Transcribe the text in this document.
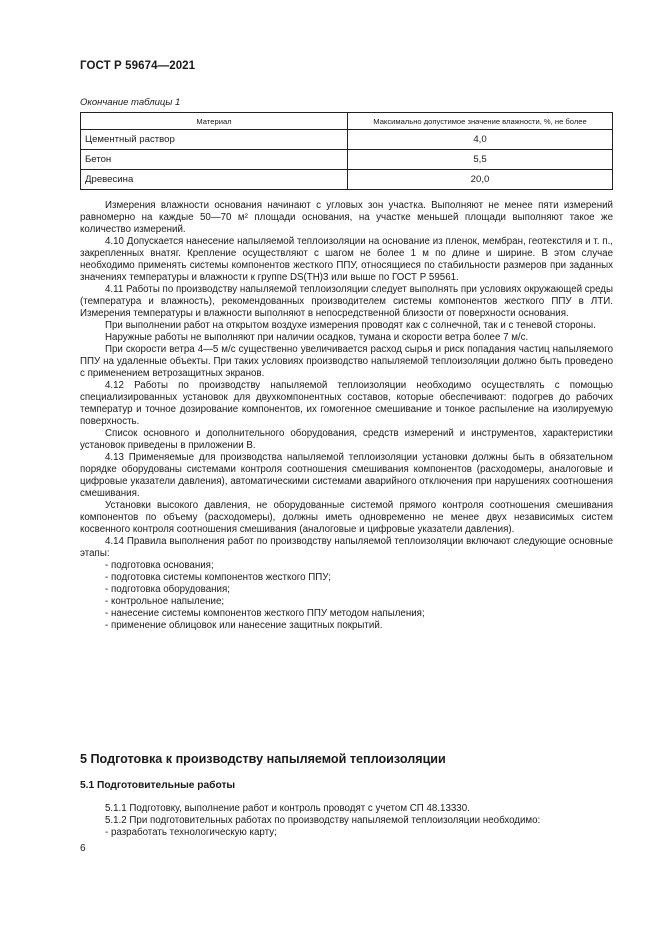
ГОСТ Р 59674—2021
Окончание таблицы 1
Материал	Максимально допустимое значение влажности, %, не более
Цементный раствор	4,0
Бетон	5,5
Древесина	20,0

Измерения влажности основания начинают с угловых зон участка. Выполняют не менее пяти измерений равномерно на каждые 50—70 м² площади основания, на участке меньшей площади выполняют такое же количество измерений.

4.10 Допускается нанесение напыляемой теплоизоляции на основание из пленок, мембран, геотекстиля и т. п., закрепленных внатяг. Крепление осуществляют с шагом не более 1 м по длине и ширине. В этом случае необходимо применять системы компонентов жесткого ППУ, относящиеся по стабильности размеров при заданных значениях температуры и влажности к группе DS(TH)3 или выше по ГОСТ Р 59561.

4.11 Работы по производству напыляемой теплоизоляции следует выполнять при условиях окружающей среды (температура и влажность), рекомендованных производителем системы компонентов жесткого ППУ в ЛТИ. Измерения температуры и влажности выполняют в непосредственной близости от поверхности основания.

При выполнении работ на открытом воздухе измерения проводят как с солнечной, так и с теневой стороны.

Наружные работы не выполняют при наличии осадков, тумана и скорости ветра более 7 м/с.

При скорости ветра 4—5 м/с существенно увеличивается расход сырья и риск попадания частиц напыляемого ППУ на удаленные объекты. При таких условиях производство напыляемой теплоизоляции должно быть проведено с применением ветрозащитных экранов.

4.12 Работы по производству напыляемой теплоизоляции необходимо осуществлять с помощью специализированных установок для двухкомпонентных составов, которые обеспечивают: подогрев до рабочих температур и точное дозирование компонентов, их гомогенное смешивание и тонкое распыление на изолируемую поверхность.

Список основного и дополнительного оборудования, средств измерений и инструментов, характеристики установок приведены в приложении В.

4.13 Применяемые для производства напыляемой теплоизоляции установки должны быть в обязательном порядке оборудованы системами контроля соотношения смешивания компонентов (расходомеры, аналоговые и цифровые указатели давления), автоматическими системами аварийного отключения при нарушениях соотношения смешивания.

Установки высокого давления, не оборудованные системой прямого контроля соотношения смешивания компонентов по объему (расходомеры), должны иметь одновременно не менее двух независимых систем косвенного контроля соотношения смешивания (аналоговые и цифровые указатели давления).

4.14 Правила выполнения работ по производству напыляемой теплоизоляции включают следующие основные этапы:

- подготовка основания;

- подготовка системы компонентов жесткого ППУ;

- подготовка оборудования;

- контрольное напыление;

- нанесение системы компонентов жесткого ППУ методом напыления;

- применение облицовок или нанесение защитных покрытий.

5 Подготовка к производству напыляемой теплоизоляции
5.1 Подготовительные работы

5.1.1 Подготовку, выполнение работ и контроль проводят с учетом СП 48.13330.

5.1.2 При подготовительных работах по производству напыляемой теплоизоляции необходимо:

- разработать технологическую карту;

6
